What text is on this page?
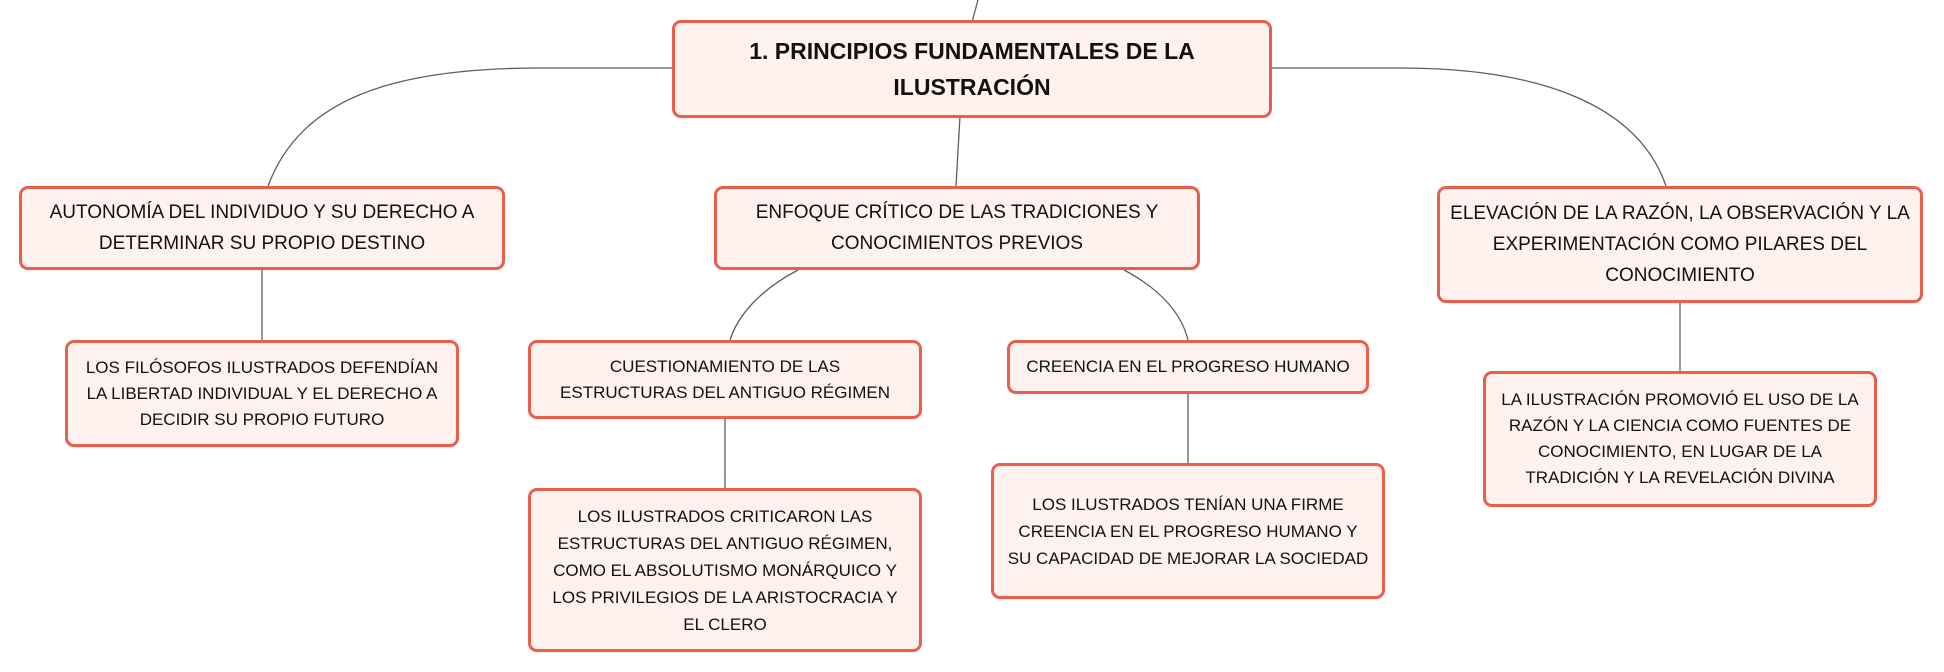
1. PRINCIPIOS FUNDAMENTALES DE LA ILUSTRACIÓN
AUTONOMÍA DEL INDIVIDUO Y SU DERECHO A DETERMINAR SU PROPIO DESTINO
ENFOQUE CRÍTICO DE LAS TRADICIONES Y CONOCIMIENTOS PREVIOS
ELEVACIÓN DE LA RAZÓN, LA OBSERVACIÓN Y LA EXPERIMENTACIÓN COMO PILARES DEL CONOCIMIENTO
LOS FILÓSOFOS ILUSTRADOS DEFENDÍAN LA LIBERTAD INDIVIDUAL Y EL DERECHO A DECIDIR SU PROPIO FUTURO
CUESTIONAMIENTO DE LAS ESTRUCTURAS DEL ANTIGUO RÉGIMEN
CREENCIA EN EL PROGRESO HUMANO
LA ILUSTRACIÓN PROMOVIÓ EL USO DE LA RAZÓN Y LA CIENCIA COMO FUENTES DE CONOCIMIENTO, EN LUGAR DE LA TRADICIÓN Y LA REVELACIÓN DIVINA
LOS ILUSTRADOS CRITICARON LAS ESTRUCTURAS DEL ANTIGUO RÉGIMEN, COMO EL ABSOLUTISMO MONÁRQUICO Y LOS PRIVILEGIOS DE LA ARISTOCRACIA Y EL CLERO
LOS ILUSTRADOS TENÍAN UNA FIRME CREENCIA EN EL PROGRESO HUMANO Y SU CAPACIDAD DE MEJORAR LA SOCIEDAD
